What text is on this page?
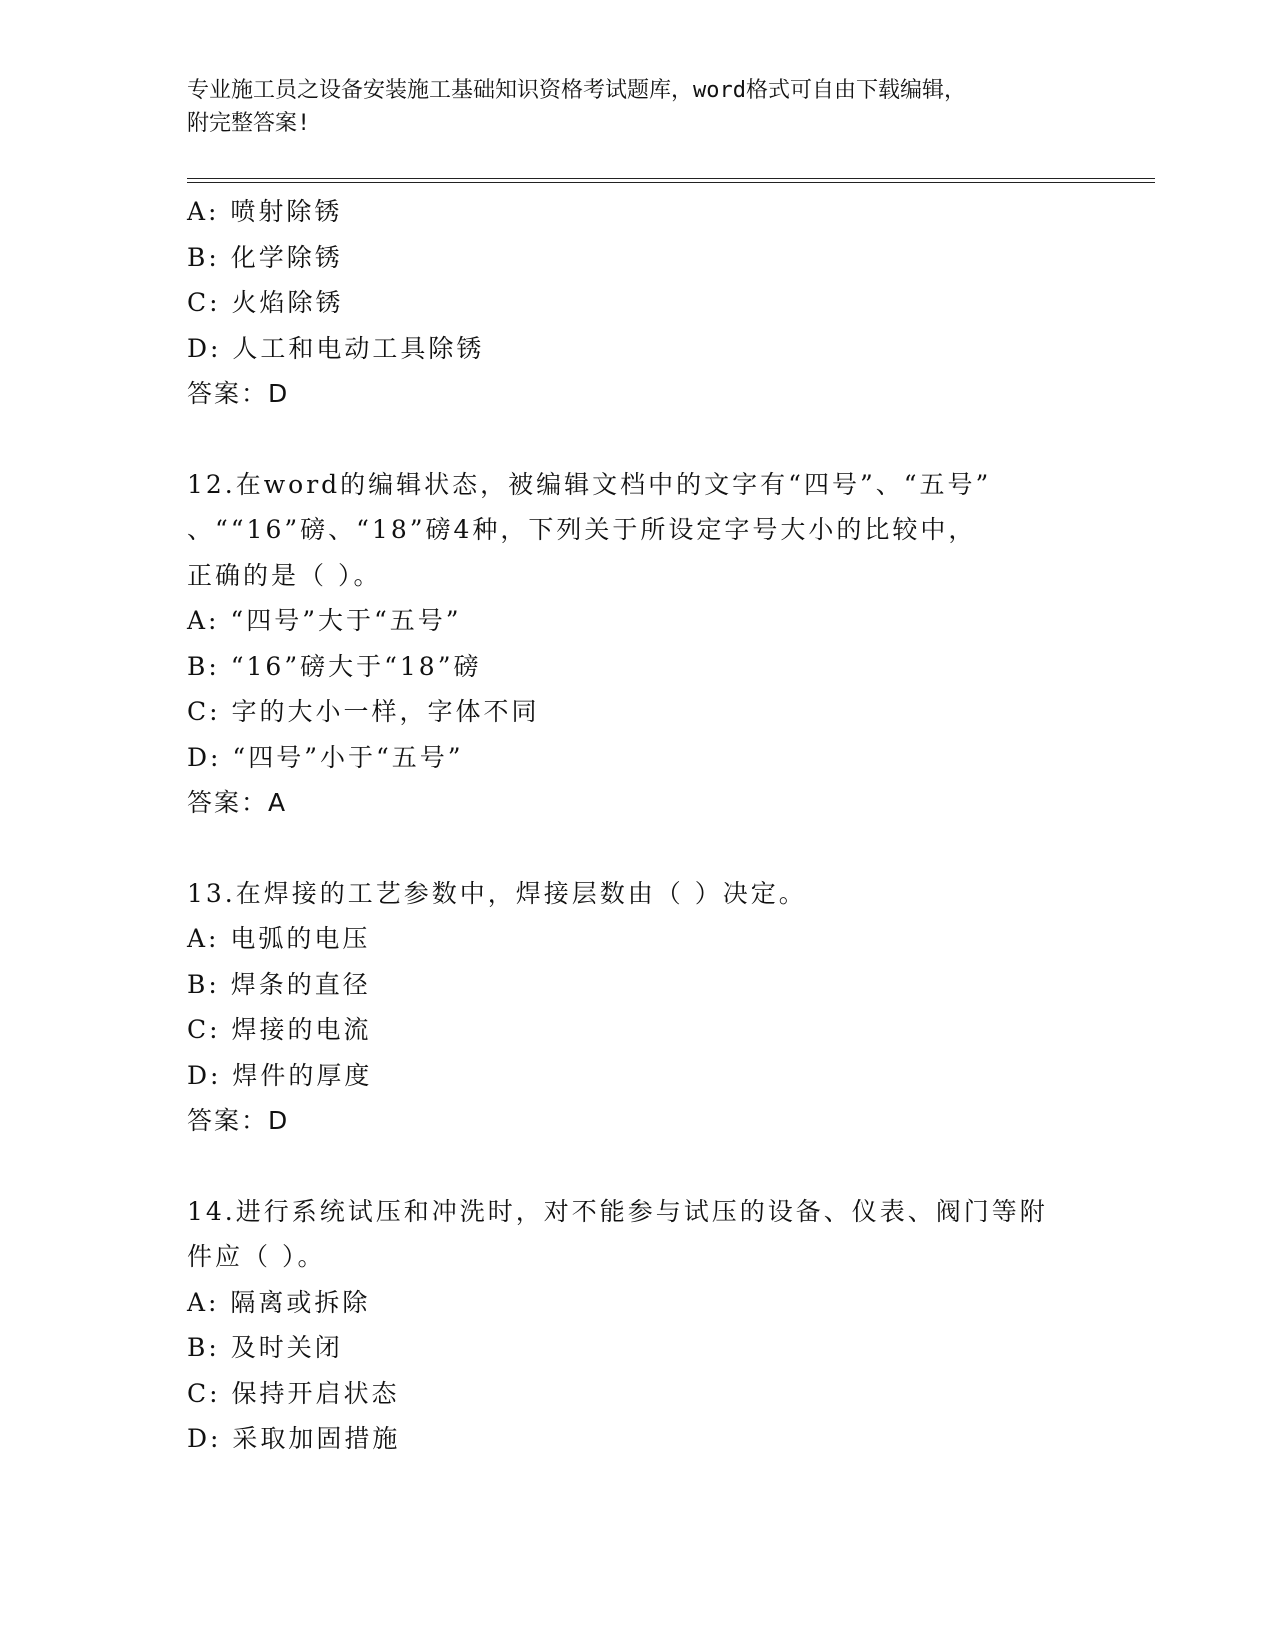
专业施工员之设备安装施工基础知识资格考试题库，word格式可自由下载编辑，
附完整答案!
A: 喷射除锈
B: 化学除锈
C: 火焰除锈
D: 人工和电动工具除锈
答案：D
12.在word的编辑状态，被编辑文档中的文字有“四号”、“五号”
、““16”磅、“18”磅4种，下列关于所设定字号大小的比较中，
正确的是（ ）。
A: “四号”大于“五号”
B: “16”磅大于“18”磅
C: 字的大小一样，字体不同
D: “四号”小于“五号”
答案：A
13.在焊接的工艺参数中，焊接层数由（ ）决定。
A: 电弧的电压
B: 焊条的直径
C: 焊接的电流
D: 焊件的厚度
答案：D
14.进行系统试压和冲洗时，对不能参与试压的设备、仪表、阀门等附
件应（ ）。
A: 隔离或拆除
B: 及时关闭
C: 保持开启状态
D: 采取加固措施
